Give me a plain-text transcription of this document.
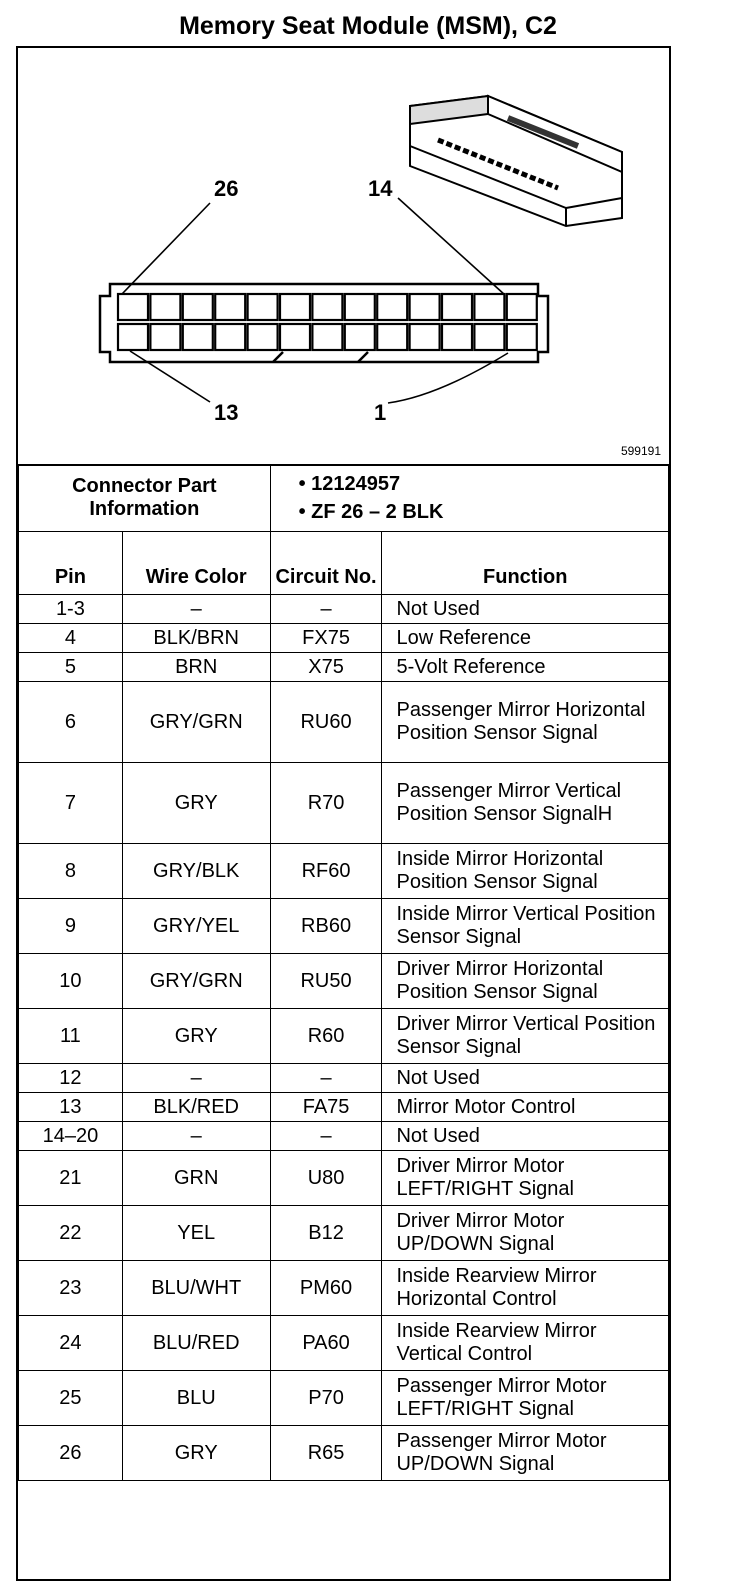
Memory Seat Module (MSM), C2
26	14
13	1
599191
Connector Part Information		• 12124957
• ZF 26 – 2 BLK	

Pin	Wire Color	Circuit No.	Function
1-3	–	–	Not Used
4	BLK/BRN	FX75	Low Reference
5	BRN	X75	5-Volt Reference
6	GRY/GRN	RU60	Passenger Mirror Horizontal Position Sensor Signal
7	GRY	R70	Passenger Mirror Vertical Position Sensor SignalH
8	GRY/BLK	RF60	Inside Mirror Horizontal Position Sensor Signal
9	GRY/YEL	RB60	Inside Mirror Vertical Position Sensor Signal
10	GRY/GRN	RU50	Driver Mirror Horizontal Position Sensor Signal
11	GRY	R60	Driver Mirror Vertical Position Sensor Signal
12	–	–	Not Used
13	BLK/RED	FA75	Mirror Motor Control
14–20	–	–	Not Used
21	GRN	U80	Driver Mirror Motor LEFT/RIGHT Signal
22	YEL	B12	Driver Mirror Motor UP/DOWN Signal
23	BLU/WHT	PM60	Inside Rearview Mirror Horizontal Control
24	BLU/RED	PA60	Inside Rearview Mirror Vertical Control
25	BLU	P70	Passenger Mirror Motor LEFT/RIGHT Signal
26	GRY	R65	Passenger Mirror Motor UP/DOWN Signal
